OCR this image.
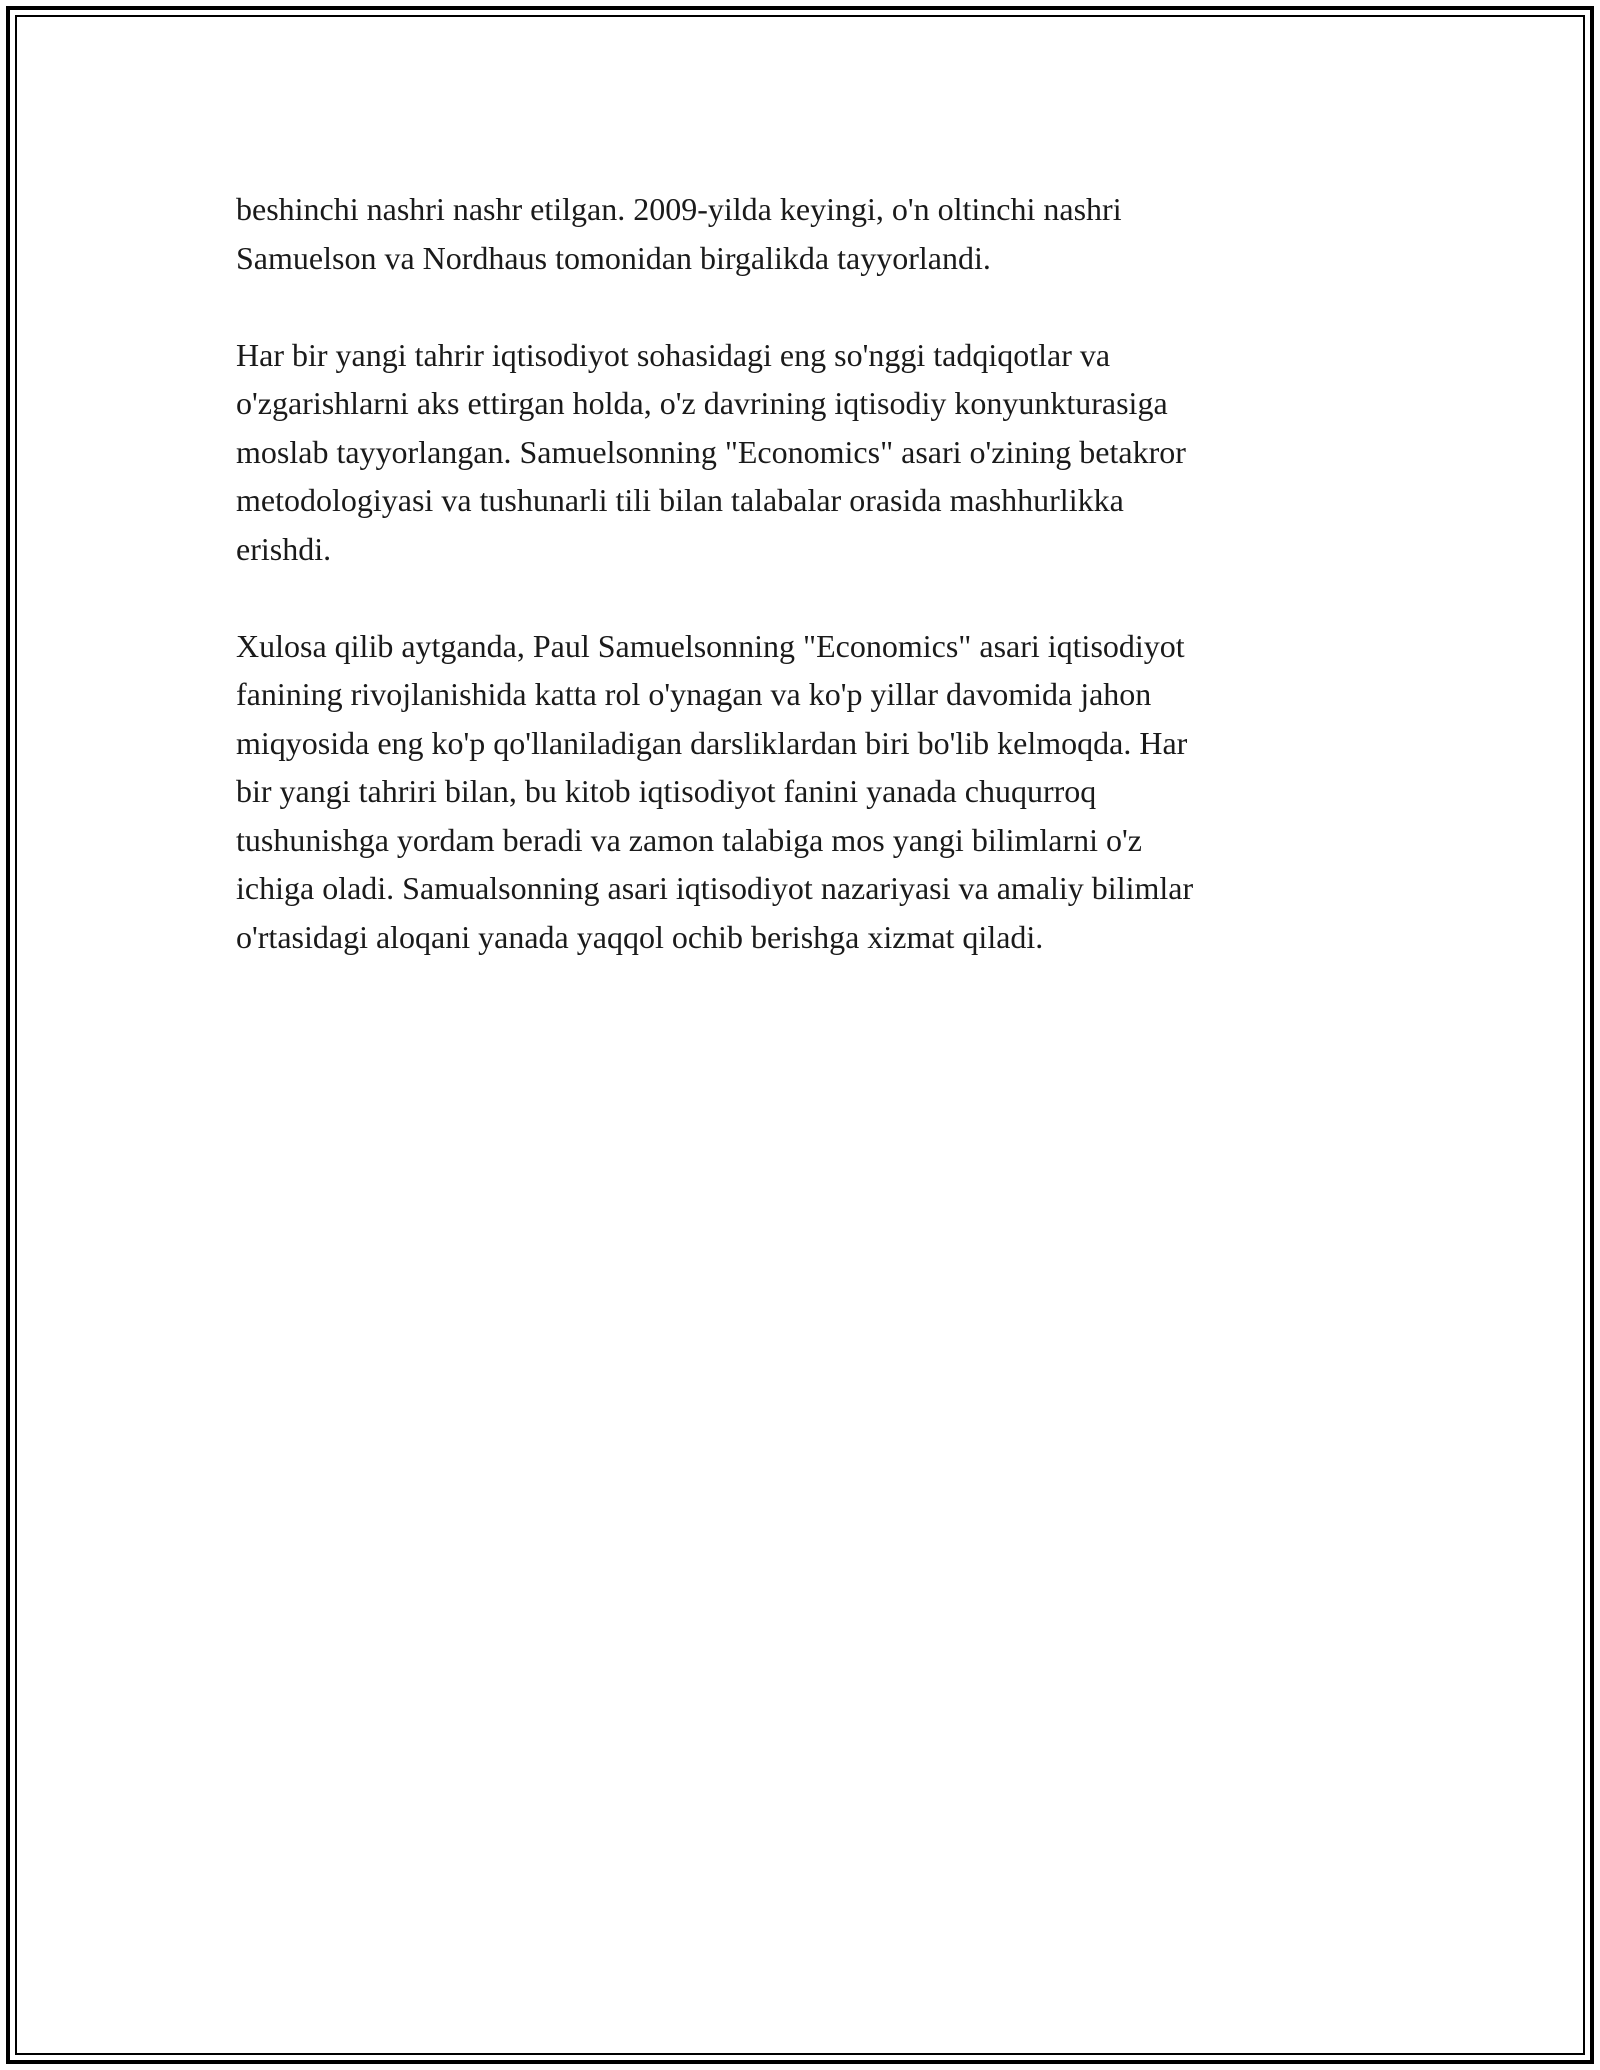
beshinchi nashri nashr etilgan. 2009-yilda keyingi, o'n oltinchi nashri
Samuelson va Nordhaus tomonidan birgalikda tayyorlandi.

Har bir yangi tahrir iqtisodiyot sohasidagi eng so'nggi tadqiqotlar va
o'zgarishlarni aks ettirgan holda, o'z davrining iqtisodiy konyunkturasiga
moslab tayyorlangan. Samuelsonning "Economics" asari o'zining betakror
metodologiyasi va tushunarli tili bilan talabalar orasida mashhurlikka
erishdi.

Xulosa qilib aytganda, Paul Samuelsonning "Economics" asari iqtisodiyot
fanining rivojlanishida katta rol o'ynagan va ko'p yillar davomida jahon
miqyosida eng ko'p qo'llaniladigan darsliklardan biri bo'lib kelmoqda. Har
bir yangi tahriri bilan, bu kitob iqtisodiyot fanini yanada chuqurroq
tushunishga yordam beradi va zamon talabiga mos yangi bilimlarni o'z
ichiga oladi. Samualsonning asari iqtisodiyot nazariyasi va amaliy bilimlar
o'rtasidagi aloqani yanada yaqqol ochib berishga xizmat qiladi.
